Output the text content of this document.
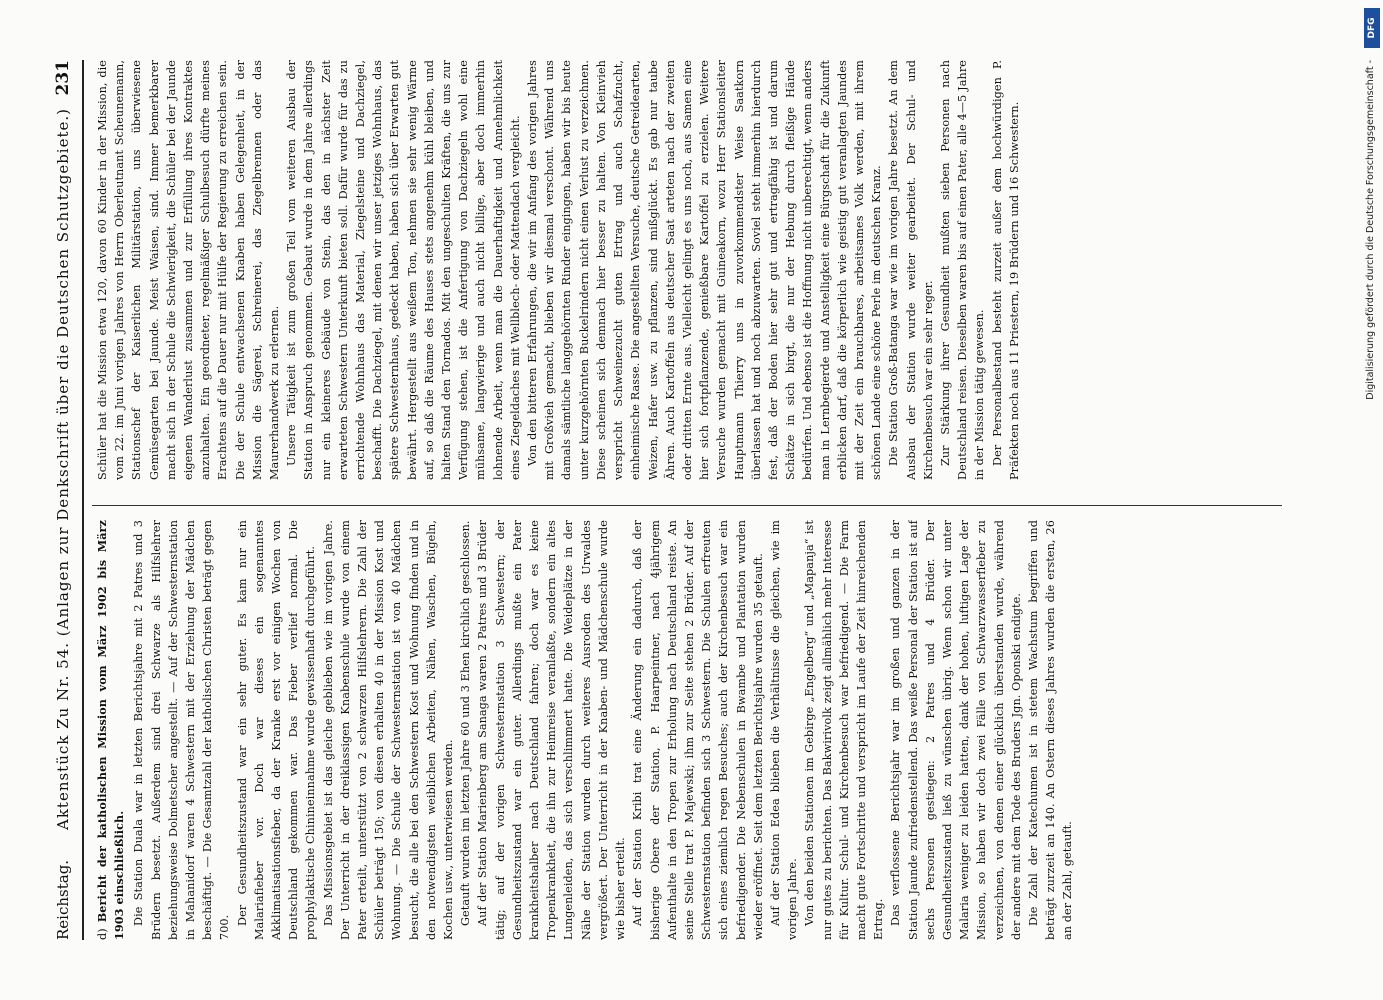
Reichstag.
Aktenstück Zu Nr. 54. (Anlagen zur Denkschrift über die Deutschen Schutzgebiete.)
231

d)Bericht der katholischen Mission vom März 1902 bis März 1903 einschließlich. Die Station Duala war in letzten Berichtsjahre mit 2 Patres und 3 Brüdern besetzt. Außerdem sind drei Schwarze als Hilfslehrer beziehungsweise Dolmetscher angestellt. — Auf der Schwesternstation in Mahanidorf waren 4 Schwestern mit der Erziehung der Mädchen beschäftigt. — Die Gesamtzahl der katholischen Christen beträgt gegen 700.

Der Gesundheitszustand war ein sehr guter. Es kam nur ein Malariafieber vor. Doch war dieses ein sogenanntes Akklimatisationsfieber, da der Kranke erst vor einigen Wochen von Deutschland gekommen war. Das Fieber verlief normal. Die prophylaktische Chinineinnahme wurde gewissenhaft durchgeführt. Das Missionsgebiet ist das gleiche geblieben wie im vorigen Jahre. Der Unterricht in der dreiklassigen Knabenschule wurde von einem Pater erteilt, unterstützt von 2 schwarzen Hilfslehrern. Die Zahl der Schüler beträgt 150; von diesen erhalten 40 in der Mission Kost und Wohnung. — Die Schule der Schwesternstation ist von 40 Mädchen besucht, die alle bei den Schwestern Kost und Wohnung finden und in den notwendigsten weiblichen Arbeiten, Nähen, Waschen, Bügeln, Kochen usw., unterwiesen werden. Getauft wurden im letzten Jahre 60 und 3 Ehen kirchlich geschlossen. Auf der Station Marienberg am Sanaga waren 2 Patres und 3 Brüder tätig; auf der vorigen Schwesternstation 3 Schwestern; der Gesundheitszustand war ein guter. Allerdings mußte ein Pater krankheitshalber nach Deutschland fahren; doch war es keine Tropenkrankheit, die ihn zur Heimreise veranlaßte, sondern ein altes Lungenleiden, das sich verschlimmert hatte. Die Weideplätze in der Nähe der Station wurden durch weiteres Ausroden des Urwaldes vergrößert. Der Unterricht in der Knaben- und Mädchenschule wurde wie bisher erteilt. Auf der Station Kribi trat eine Änderung ein dadurch, daß der bisherige Obere der Station, P. Haarpeintner, nach 4jährigem Aufenthalte in den Tropen zur Erholung nach Deutschland reiste. An seine Stelle trat P. Majewski; ihm zur Seite stehen 2 Brüder. Auf der Schwesternstation befinden sich 3 Schwestern. Die Schulen erfreuten sich eines ziemlich regen Besuches; auch der Kirchenbesuch war ein befriedigender. Die Nebenschulen in Bwambe und Plantation wurden wieder eröffnet. Seit dem letzten Berichtsjahre wurden 35 getauft. Auf der Station Edea blieben die Verhältnisse die gleichen, wie im vorigen Jahre. Von den beiden Stationen im Gebirge „Engelberg“ und „Mapanja“ ist nur gutes zu berichten. Das Bakwirivolk zeigt allmählich mehr Interesse für Kultur. Schul- und Kirchenbesuch war befriedigend. — Die Farm macht gute Fortschritte und verspricht im Laufe der Zeit hinreichenden Ertrag. Das verflossene Berichtsjahr war im großen und ganzen in der Station Jaunde zufriedenstellend. Das weiße Personal der Station ist auf sechs Personen gestiegen: 2 Patres und 4 Brüder. Der Gesundheitszustand ließ zu wünschen übrig. Wenn schon wir unter Malaria weniger zu leiden hatten, dank der hohen, luftigen Lage der Mission, so haben wir doch zwei Fälle von Schwarzwasserfieber zu verzeichnen, von denen einer glücklich überstanden wurde, während der andere mit dem Tode des Bruders Jgn. Oponski endigte. Die Zahl der Katechumen ist in stetem Wachstum begriffen und beträgt zurzeit an 140. An Ostern dieses Jahres wurden die ersten, 26 an der Zahl, getauft.

Schüler hat die Mission etwa 120, davon 60 Kinder in der Mission, die vom 22. im Juni vorigen Jahres von Herrn Oberleutnant Scheunemann, Stationschef der Kaiserlichen Militärstation, uns überwiesene Gemüsegarten bei Jaunde. Meist Waisen, sind. Immer bemerkbarer macht sich in der Schule die Schwierigkeit, die Schüler bei der Jaunde eigenen Wanderlust zusammen und zur Erfüllung ihres Kontraktes anzuhalten. Ein geordneter, regelmäßiger Schulbesuch dürfte meines Erachtens auf die Dauer nur mit Hülfe der Regierung zu erreichen sein. Die der Schule entwachsenen Knaben haben Gelegenheit, in der Mission die Sägerei, Schreinerei, das Ziegelbrennen oder das Maurerhandwerk zu erlernen. Unsere Tätigkeit ist zum großen Teil vom weiteren Ausbau der Station in Anspruch genommen. Gebaut wurde in dem Jahre allerdings nur ein kleineres Gebäude von Stein, das den in nächster Zeit erwarteten Schwestern Unterkunft bieten soll. Dafür wurde für das zu errichtende Wohnhaus das Material, Ziegelsteine und Dachziegel, beschafft. Die Dachziegel, mit denen wir unser jetziges Wohnhaus, das spätere Schwesternhaus, gedeckt haben, haben sich über Erwarten gut bewährt. Hergestellt aus weißem Ton, nehmen sie sehr wenig Wärme auf, so daß die Räume des Hauses stets angenehm kühl bleiben, und halten Stand den Tornados. Mit den ungeschulten Kräften, die uns zur Verfügung stehen, ist die Anfertigung von Dachziegeln wohl eine mühsame, langwierige und auch nicht billige, aber doch immerhin lohnende Arbeit, wenn man die Dauerhaftigkeit und Annehmlichkeit eines Ziegeldaches mit Wellblech- oder Mattendach vergleicht. Von den bitteren Erfahrungen, die wir im Anfang des vorigen Jahres mit Großvieh gemacht, blieben wir diesmal verschont. Während uns damals sämtliche langgehörnten Rinder eingingen, haben wir bis heute unter kurzgehörnten Buckelrindern nicht einen Verlust zu verzeichnen. Diese scheinen sich demnach hier besser zu halten. Von Kleinvieh verspricht Schweinezucht guten Ertrag und auch Schafzucht, einheimische Rasse. Die angestellten Versuche, deutsche Getreidearten, Weizen, Hafer usw. zu pflanzen, sind mißglückt. Es gab nur taube Ähren. Auch Kartoffeln aus deutscher Saat arteten nach der zweiten oder dritten Ernte aus. Vielleicht gelingt es uns noch, aus Samen eine hier sich fortpflanzende, genießbare Kartoffel zu erzielen. Weitere Versuche wurden gemacht mit Guineakorn, wozu Herr Stationsleiter Hauptmann Thierry uns in zuvorkommendster Weise Saatkorn überlassen hat und noch abzuwarten. Soviel steht immerhin hierdurch fest, daß der Boden hier sehr gut und ertragfähig ist und darum Schätze in sich birgt, die nur der Hebung durch fleißige Hände bedürfen. Und ebenso ist die Hoffnung nicht unberechtigt, wenn anders man in Lernbegierde und Anstelligkeit eine Bürgschaft für die Zukunft erblicken darf, daß die körperlich wie geistig gut veranlagten Jaundes mit der Zeit ein brauchbares, arbeitsames Volk werden, mit ihrem schönen Lande eine schöne Perle im deutschen Kranz. Die Station Groß-Batanga war wie im vorigen Jahre besetzt. An dem Ausbau der Station wurde weiter gearbeitet. Der Schul- und Kirchenbesuch war ein sehr reger. Zur Stärkung ihrer Gesundheit mußten sieben Personen nach Deutschland reisen. Dieselben waren bis auf einen Pater, alle 4—5 Jahre in der Mission tätig gewesen. Der Personalbestand besteht zurzeit außer dem hochwürdigen P. Präfekten noch aus 11 Priestern, 19 Brüdern und 16 Schwestern.

DFG
Digitalisierung gefördert durch die Deutsche Forschungsgemeinschaft -
